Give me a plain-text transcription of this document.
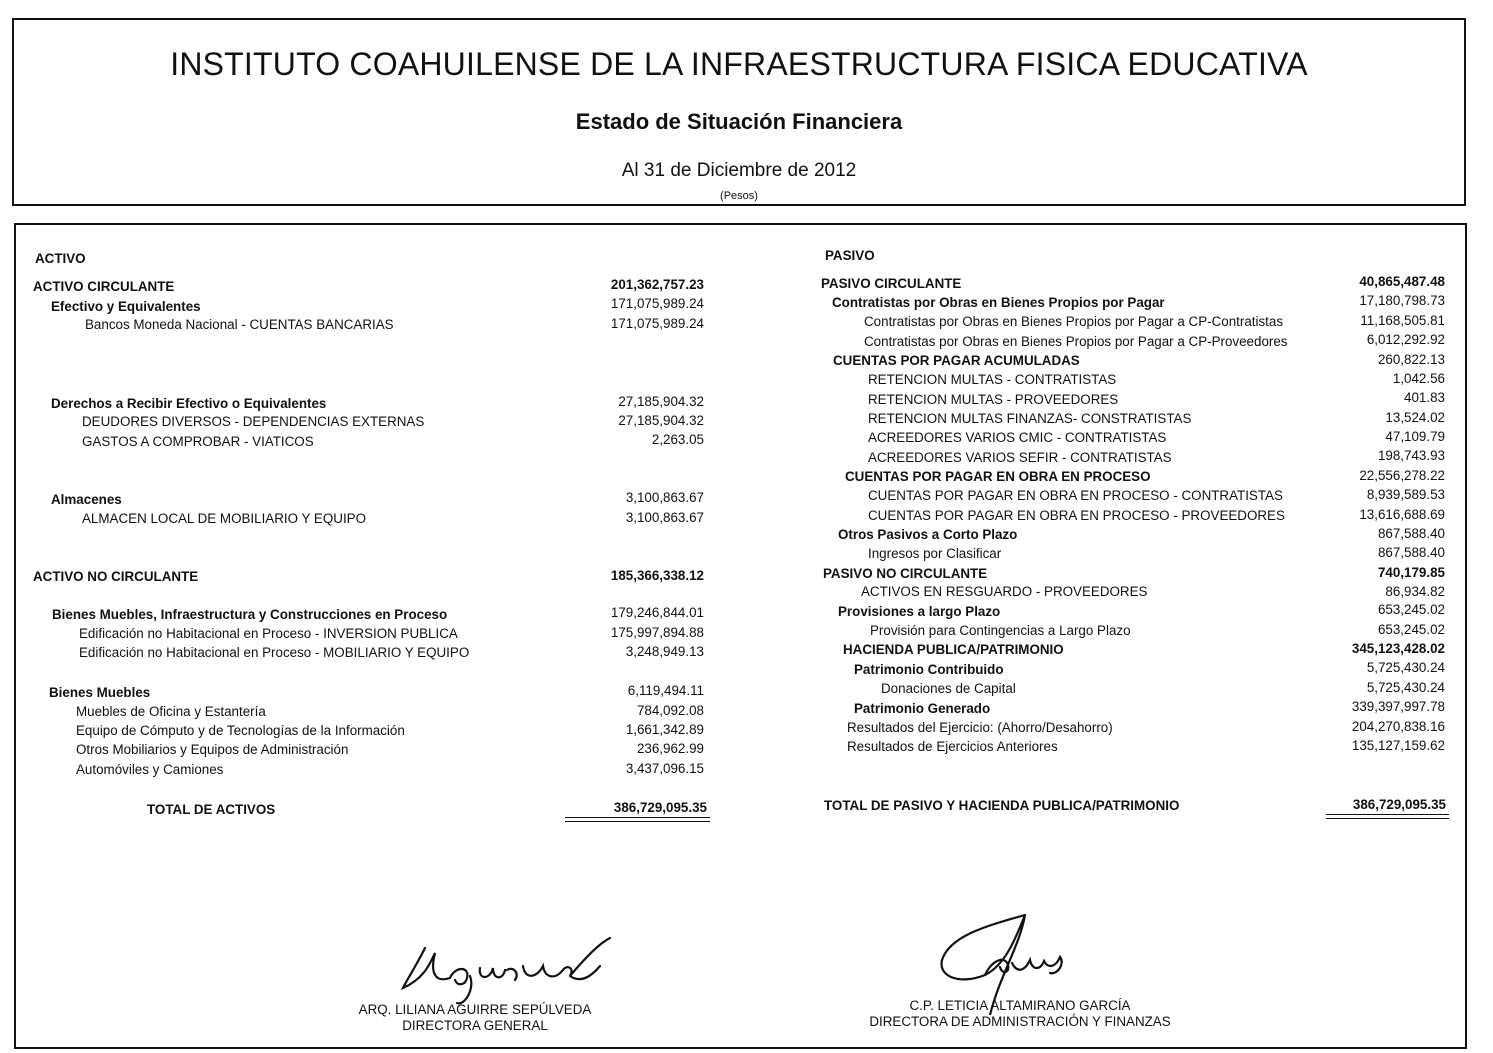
INSTITUTO COAHUILENSE DE LA INFRAESTRUCTURA FISICA EDUCATIVA
Estado de Situación Financiera
Al 31 de Diciembre de 2012
(Pesos)
ACTIVO
ACTIVO CIRCULANTE	201,362,757.23
Efectivo y Equivalentes	171,075,989.24
Bancos Moneda Nacional - CUENTAS BANCARIAS	171,075,989.24
Derechos a Recibir Efectivo o Equivalentes	27,185,904.32
DEUDORES DIVERSOS - DEPENDENCIAS EXTERNAS	27,185,904.32
GASTOS A COMPROBAR - VIATICOS	2,263.05
Almacenes	3,100,863.67
ALMACEN LOCAL DE MOBILIARIO Y EQUIPO	3,100,863.67
ACTIVO NO CIRCULANTE	185,366,338.12
Bienes Muebles, Infraestructura y Construcciones en Proceso	179,246,844.01
Edificación no Habitacional en Proceso - INVERSION PUBLICA	175,997,894.88
Edificación no Habitacional en Proceso - MOBILIARIO Y EQUIPO	3,248,949.13
Bienes Muebles	6,119,494.11
Muebles de Oficina y Estantería	784,092.08
Equipo de Cómputo y de Tecnologías de la Información	1,661,342.89
Otros Mobiliarios y Equipos de Administración	236,962.99
Automóviles y Camiones	3,437,096.15
TOTAL DE ACTIVOS	386,729,095.35
PASIVO
PASIVO CIRCULANTE	40,865,487.48
Contratistas por Obras en Bienes Propios por Pagar	17,180,798.73
Contratistas por Obras en Bienes Propios por Pagar a CP-Contratistas	11,168,505.81
Contratistas por Obras en Bienes Propios por Pagar a CP-Proveedores	6,012,292.92
CUENTAS POR PAGAR ACUMULADAS	260,822.13
RETENCION MULTAS - CONTRATISTAS	1,042.56
RETENCION MULTAS - PROVEEDORES	401.83
RETENCION MULTAS FINANZAS- CONSTRATISTAS	13,524.02
ACREEDORES VARIOS CMIC - CONTRATISTAS	47,109.79
ACREEDORES VARIOS SEFIR - CONTRATISTAS	198,743.93
CUENTAS POR PAGAR EN OBRA EN PROCESO	22,556,278.22
CUENTAS POR PAGAR EN OBRA EN PROCESO - CONTRATISTAS	8,939,589.53
CUENTAS POR PAGAR EN OBRA EN PROCESO - PROVEEDORES	13,616,688.69
Otros Pasivos a Corto Plazo	867,588.40
Ingresos por Clasificar	867,588.40
PASIVO NO CIRCULANTE	740,179.85
ACTIVOS EN RESGUARDO - PROVEEDORES	86,934.82
Provisiones a largo Plazo	653,245.02
Provisión para Contingencias a Largo Plazo	653,245.02
HACIENDA PUBLICA/PATRIMONIO	345,123,428.02
Patrimonio Contribuido	5,725,430.24
Donaciones de Capital	5,725,430.24
Patrimonio Generado	339,397,997.78
Resultados del Ejercicio: (Ahorro/Desahorro)	204,270,838.16
Resultados de Ejercicios Anteriores	135,127,159.62
TOTAL DE PASIVO Y HACIENDA PUBLICA/PATRIMONIO	386,729,095.35
ARQ. LILIANA AGUIRRE SEPÚLVEDA
DIRECTORA GENERAL
C.P. LETICIA ALTAMIRANO GARCÍA
DIRECTORA DE ADMINISTRACIÓN Y FINANZAS
